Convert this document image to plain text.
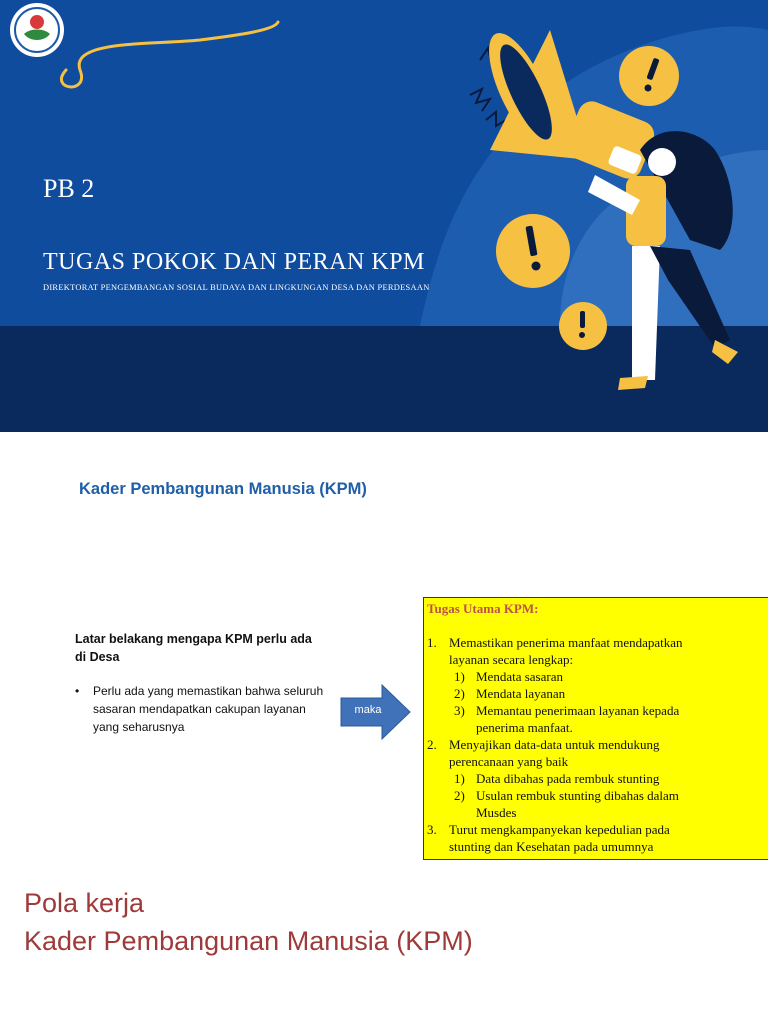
PB 2
TUGAS POKOK DAN PERAN KPM
DIREKTORAT PENGEMBANGAN SOSIAL BUDAYA DAN LINGKUNGAN DESA DAN PERDESAAN
Kader Pembangunan Manusia (KPM)
Latar belakang mengapa KPM perlu ada di Desa
• Perlu ada yang memastikan bahwa seluruh sasaran mendapatkan cakupan layanan yang seharusnya
maka
Tugas Utama KPM:
1. Memastikan penerima manfaat mendapatkan
layanan secara lengkap:
1) Mendata sasaran
2) Mendata layanan
3) Memantau penerimaan layanan kepada
penerima manfaat.
2. Menyajikan data-data untuk mendukung
perencanaan yang baik
1) Data dibahas pada rembuk stunting
2) Usulan rembuk stunting dibahas dalam
Musdes
3. Turut mengkampanyekan kepedulian pada
stunting dan Kesehatan pada umumnya
Pola kerja
Kader Pembangunan Manusia (KPM)
